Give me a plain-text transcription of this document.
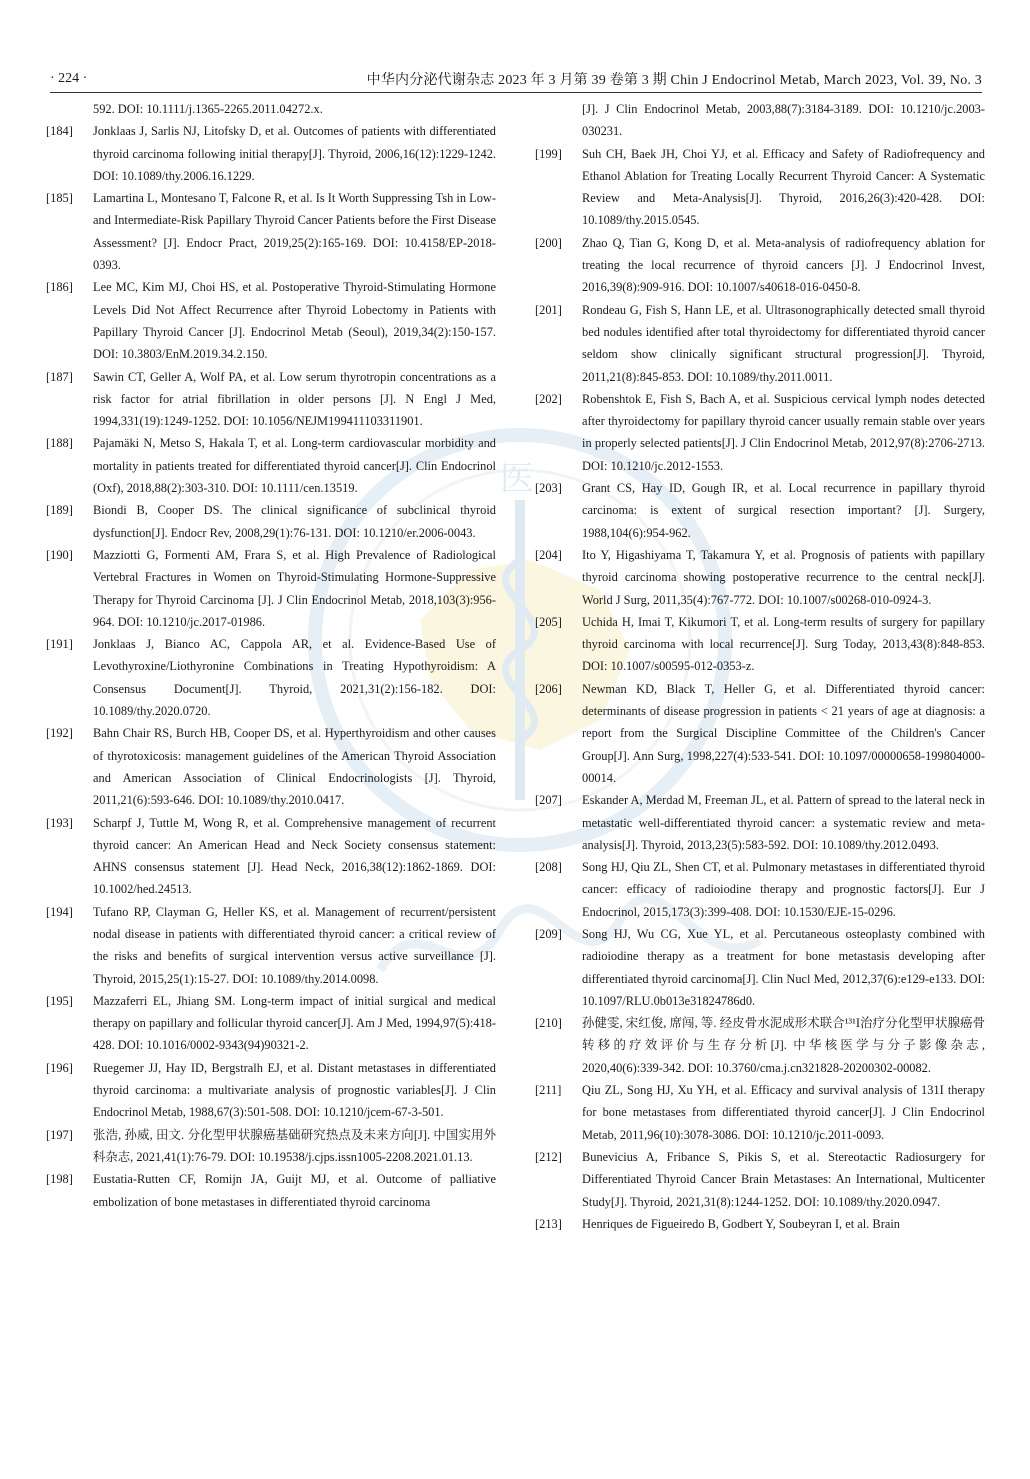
医
· 224 ·	中华内分泌代谢杂志 2023 年 3 月第 39 卷第 3 期 Chin J Endocrinol Metab, March 2023, Vol. 39, No. 3
592. DOI: 10.1111/j.1365-2265.2011.04272.x.
[184]	Jonklaas J, Sarlis NJ, Litofsky D, et al. Outcomes of patients with differentiated thyroid carcinoma following initial therapy[J]. Thyroid, 2006,16(12):1229-1242. DOI: 10.1089/thy.2006.16.1229.
[185]	Lamartina L, Montesano T, Falcone R, et al. Is It Worth Suppressing Tsh in Low- and Intermediate-Risk Papillary Thyroid Cancer Patients before the First Disease Assessment? [J]. Endocr Pract, 2019,25(2):165-169. DOI: 10.4158/EP-2018-0393.
[186]	Lee MC, Kim MJ, Choi HS, et al. Postoperative Thyroid-Stimulating Hormone Levels Did Not Affect Recurrence after Thyroid Lobectomy in Patients with Papillary Thyroid Cancer [J]. Endocrinol Metab (Seoul), 2019,34(2):150-157. DOI: 10.3803/EnM.2019.34.2.150.
[187]	Sawin CT, Geller A, Wolf PA, et al. Low serum thyrotropin concentrations as a risk factor for atrial fibrillation in older persons [J]. N Engl J Med, 1994,331(19):1249-1252. DOI: 10.1056/NEJM199411103311901.
[188]	Pajamäki N, Metso S, Hakala T, et al. Long-term cardiovascular morbidity and mortality in patients treated for differentiated thyroid cancer[J]. Clin Endocrinol (Oxf), 2018,88(2):303-310. DOI: 10.1111/cen.13519.
[189]	Biondi B, Cooper DS. The clinical significance of subclinical thyroid dysfunction[J]. Endocr Rev, 2008,29(1):76-131. DOI: 10.1210/er.2006-0043.
[190]	Mazziotti G, Formenti AM, Frara S, et al. High Prevalence of Radiological Vertebral Fractures in Women on Thyroid-Stimulating Hormone-Suppressive Therapy for Thyroid Carcinoma [J]. J Clin Endocrinol Metab, 2018,103(3):956-964. DOI: 10.1210/jc.2017-01986.
[191]	Jonklaas J, Bianco AC, Cappola AR, et al. Evidence-Based Use of Levothyroxine/Liothyronine Combinations in Treating Hypothyroidism: A Consensus Document[J]. Thyroid, 2021,31(2):156-182. DOI: 10.1089/thy.2020.0720.
[192]	Bahn Chair RS, Burch HB, Cooper DS, et al. Hyperthyroidism and other causes of thyrotoxicosis: management guidelines of the American Thyroid Association and American Association of Clinical Endocrinologists [J]. Thyroid, 2011,21(6):593-646. DOI: 10.1089/thy.2010.0417.
[193]	Scharpf J, Tuttle M, Wong R, et al. Comprehensive management of recurrent thyroid cancer: An American Head and Neck Society consensus statement: AHNS consensus statement [J]. Head Neck, 2016,38(12):1862-1869. DOI: 10.1002/hed.24513.
[194]	Tufano RP, Clayman G, Heller KS, et al. Management of recurrent/persistent nodal disease in patients with differentiated thyroid cancer: a critical review of the risks and benefits of surgical intervention versus active surveillance [J]. Thyroid, 2015,25(1):15-27. DOI: 10.1089/thy.2014.0098.
[195]	Mazzaferri EL, Jhiang SM. Long-term impact of initial surgical and medical therapy on papillary and follicular thyroid cancer[J]. Am J Med, 1994,97(5):418-428. DOI: 10.1016/0002-9343(94)90321-2.
[196]	Ruegemer JJ, Hay ID, Bergstralh EJ, et al. Distant metastases in differentiated thyroid carcinoma: a multivariate analysis of prognostic variables[J]. J Clin Endocrinol Metab, 1988,67(3):501-508. DOI: 10.1210/jcem-67-3-501.
[197]	张浩, 孙威, 田文. 分化型甲状腺癌基础研究热点及未来方向[J]. 中国实用外科杂志, 2021,41(1):76-79. DOI: 10.19538/j.cjps.issn1005-2208.2021.01.13.
[198]	Eustatia-Rutten CF, Romijn JA, Guijt MJ, et al. Outcome of palliative embolization of bone metastases in differentiated thyroid carcinoma
[J]. J Clin Endocrinol Metab, 2003,88(7):3184-3189. DOI: 10.1210/jc.2003-030231.
[199]	Suh CH, Baek JH, Choi YJ, et al. Efficacy and Safety of Radiofrequency and Ethanol Ablation for Treating Locally Recurrent Thyroid Cancer: A Systematic Review and Meta-Analysis[J]. Thyroid, 2016,26(3):420-428. DOI: 10.1089/thy.2015.0545.
[200]	Zhao Q, Tian G, Kong D, et al. Meta-analysis of radiofrequency ablation for treating the local recurrence of thyroid cancers [J]. J Endocrinol Invest, 2016,39(8):909-916. DOI: 10.1007/s40618-016-0450-8.
[201]	Rondeau G, Fish S, Hann LE, et al. Ultrasonographically detected small thyroid bed nodules identified after total thyroidectomy for differentiated thyroid cancer seldom show clinically significant structural progression[J]. Thyroid, 2011,21(8):845-853. DOI: 10.1089/thy.2011.0011.
[202]	Robenshtok E, Fish S, Bach A, et al. Suspicious cervical lymph nodes detected after thyroidectomy for papillary thyroid cancer usually remain stable over years in properly selected patients[J]. J Clin Endocrinol Metab, 2012,97(8):2706-2713. DOI: 10.1210/jc.2012-1553.
[203]	Grant CS, Hay ID, Gough IR, et al. Local recurrence in papillary thyroid carcinoma: is extent of surgical resection important? [J]. Surgery, 1988,104(6):954-962.
[204]	Ito Y, Higashiyama T, Takamura Y, et al. Prognosis of patients with papillary thyroid carcinoma showing postoperative recurrence to the central neck[J]. World J Surg, 2011,35(4):767-772. DOI: 10.1007/s00268-010-0924-3.
[205]	Uchida H, Imai T, Kikumori T, et al. Long-term results of surgery for papillary thyroid carcinoma with local recurrence[J]. Surg Today, 2013,43(8):848-853. DOI: 10.1007/s00595-012-0353-z.
[206]	Newman KD, Black T, Heller G, et al. Differentiated thyroid cancer: determinants of disease progression in patients < 21 years of age at diagnosis: a report from the Surgical Discipline Committee of the Children's Cancer Group[J]. Ann Surg, 1998,227(4):533-541. DOI: 10.1097/00000658-199804000-00014.
[207]	Eskander A, Merdad M, Freeman JL, et al. Pattern of spread to the lateral neck in metastatic well-differentiated thyroid cancer: a systematic review and meta-analysis[J]. Thyroid, 2013,23(5):583-592. DOI: 10.1089/thy.2012.0493.
[208]	Song HJ, Qiu ZL, Shen CT, et al. Pulmonary metastases in differentiated thyroid cancer: efficacy of radioiodine therapy and prognostic factors[J]. Eur J Endocrinol, 2015,173(3):399-408. DOI: 10.1530/EJE-15-0296.
[209]	Song HJ, Wu CG, Xue YL, et al. Percutaneous osteoplasty combined with radioiodine therapy as a treatment for bone metastasis developing after differentiated thyroid carcinoma[J]. Clin Nucl Med, 2012,37(6):e129-e133. DOI: 10.1097/RLU.0b013e31824786d0.
[210]	孙健雯, 宋红俊, 席闯, 等. 经皮骨水泥成形术联合¹³¹I治疗分化型甲状腺癌骨转移的疗效评价与生存分析[J]. 中华核医学与分子影像杂志, 2020,40(6):339-342. DOI: 10.3760/cma.j.cn321828-20200302-00082.
[211]	Qiu ZL, Song HJ, Xu YH, et al. Efficacy and survival analysis of 131I therapy for bone metastases from differentiated thyroid cancer[J]. J Clin Endocrinol Metab, 2011,96(10):3078-3086. DOI: 10.1210/jc.2011-0093.
[212]	Bunevicius A, Fribance S, Pikis S, et al. Stereotactic Radiosurgery for Differentiated Thyroid Cancer Brain Metastases: An International, Multicenter Study[J]. Thyroid, 2021,31(8):1244-1252. DOI: 10.1089/thy.2020.0947.
[213]	Henriques de Figueiredo B, Godbert Y, Soubeyran I, et al. Brain
